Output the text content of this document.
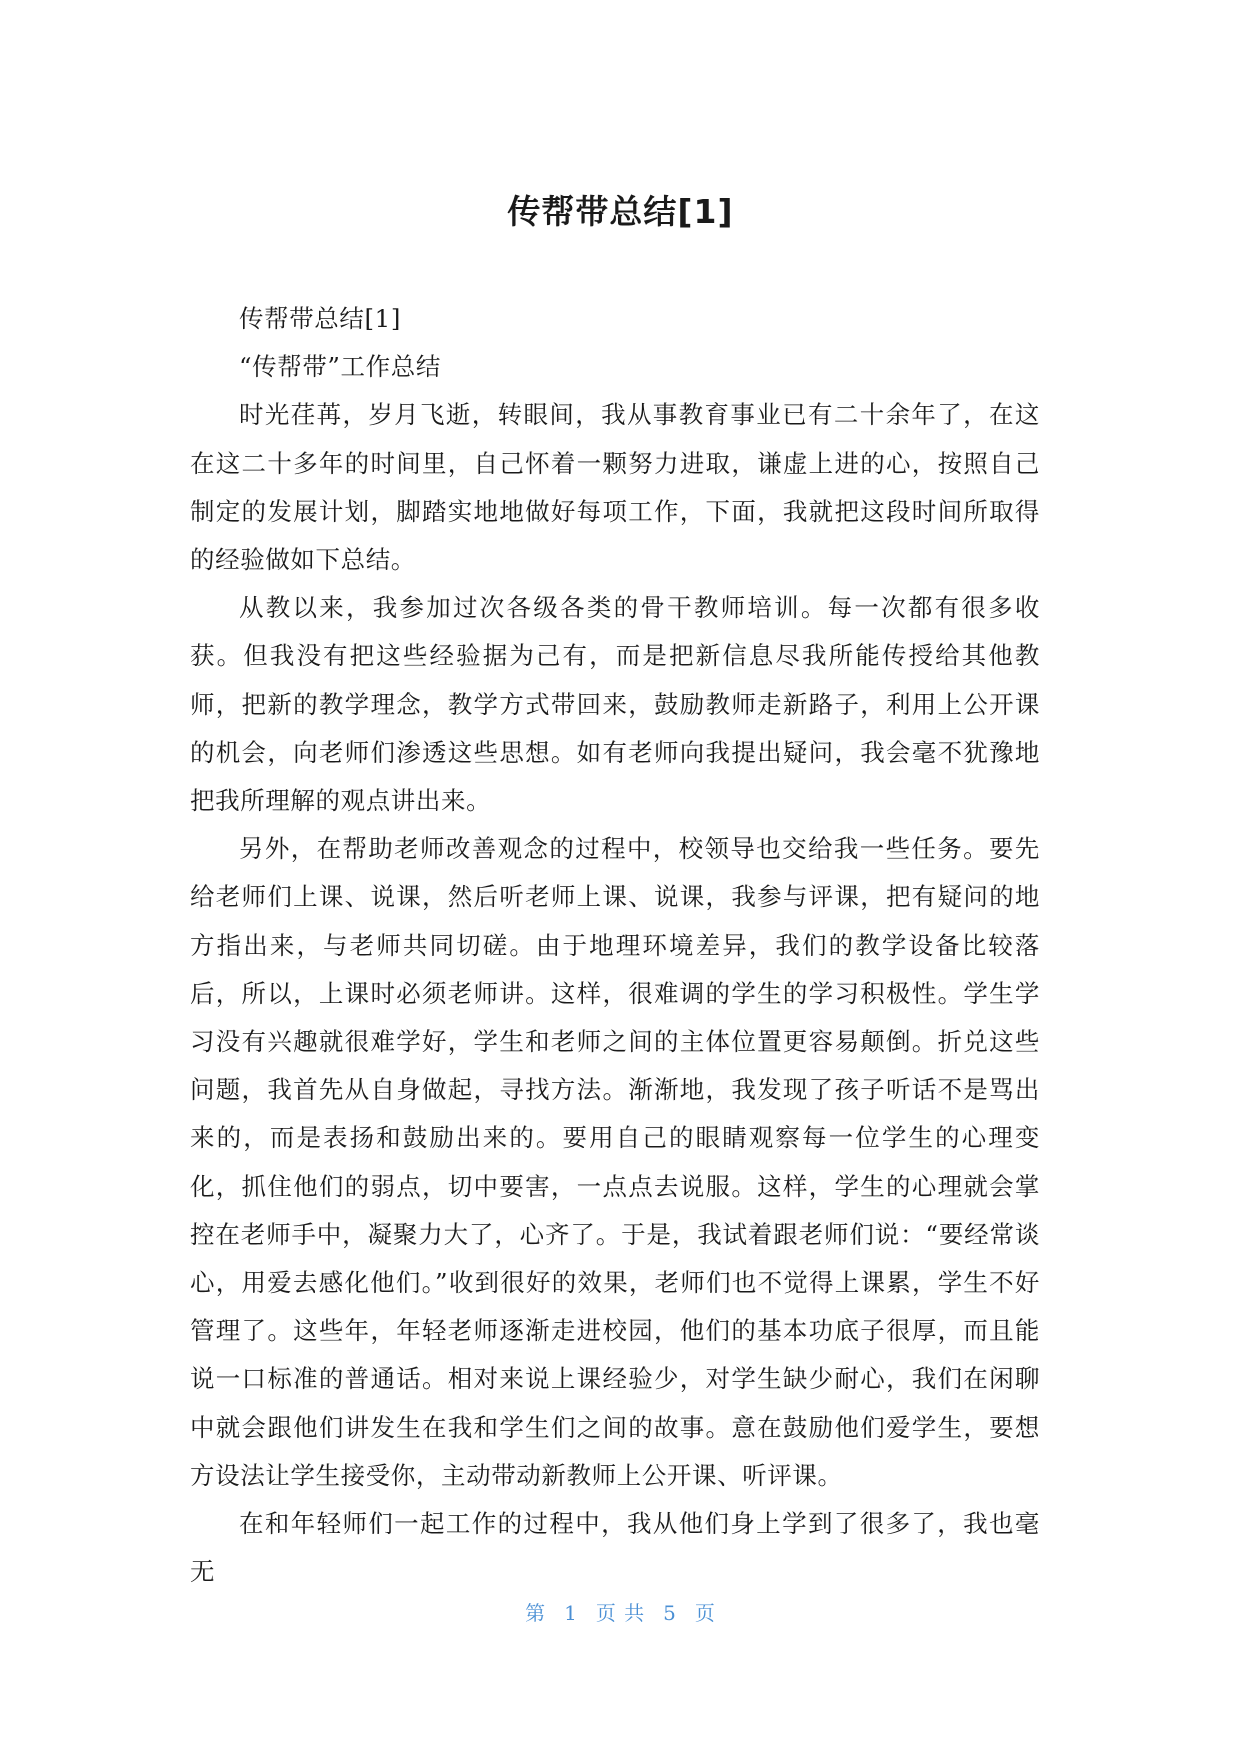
传帮带总结[1]

传帮带总结[1]

“传帮带”工作总结

时光荏苒，岁月飞逝，转眼间，我从事教育事业已有二十余年了，在这在这二十多年的时间里，自己怀着一颗努力进取，谦虚上进的心，按照自己制定的发展计划，脚踏实地地做好每项工作，下面，我就把这段时间所取得的经验做如下总结。

从教以来，我参加过次各级各类的骨干教师培训。每一次都有很多收获。但我没有把这些经验据为己有，而是把新信息尽我所能传授给其他教师，把新的教学理念，教学方式带回来，鼓励教师走新路子，利用上公开课的机会，向老师们渗透这些思想。如有老师向我提出疑问，我会毫不犹豫地把我所理解的观点讲出来。

另外，在帮助老师改善观念的过程中，校领导也交给我一些任务。要先给老师们上课、说课，然后听老师上课、说课，我参与评课，把有疑问的地方指出来，与老师共同切磋。由于地理环境差异，我们的教学设备比较落后，所以，上课时必须老师讲。这样，很难调的学生的学习积极性。学生学习没有兴趣就很难学好，学生和老师之间的主体位置更容易颠倒。折兑这些问题，我首先从自身做起，寻找方法。渐渐地，我发现了孩子听话不是骂出来的，而是表扬和鼓励出来的。要用自己的眼睛观察每一位学生的心理变化，抓住他们的弱点，切中要害，一点点去说服。这样，学生的心理就会掌控在老师手中，凝聚力大了，心齐了。于是，我试着跟老师们说：“要经常谈心，用爱去感化他们。”收到很好的效果，老师们也不觉得上课累，学生不好管理了。这些年，年轻老师逐渐走进校园，他们的基本功底子很厚，而且能说一口标准的普通话。相对来说上课经验少，对学生缺少耐心，我们在闲聊中就会跟他们讲发生在我和学生们之间的故事。意在鼓励他们爱学生，要想方设法让学生接受你，主动带动新教师上公开课、听评课。

在和年轻师们一起工作的过程中，我从他们身上学到了很多了，我也毫无

第 1 页 共 5 页
